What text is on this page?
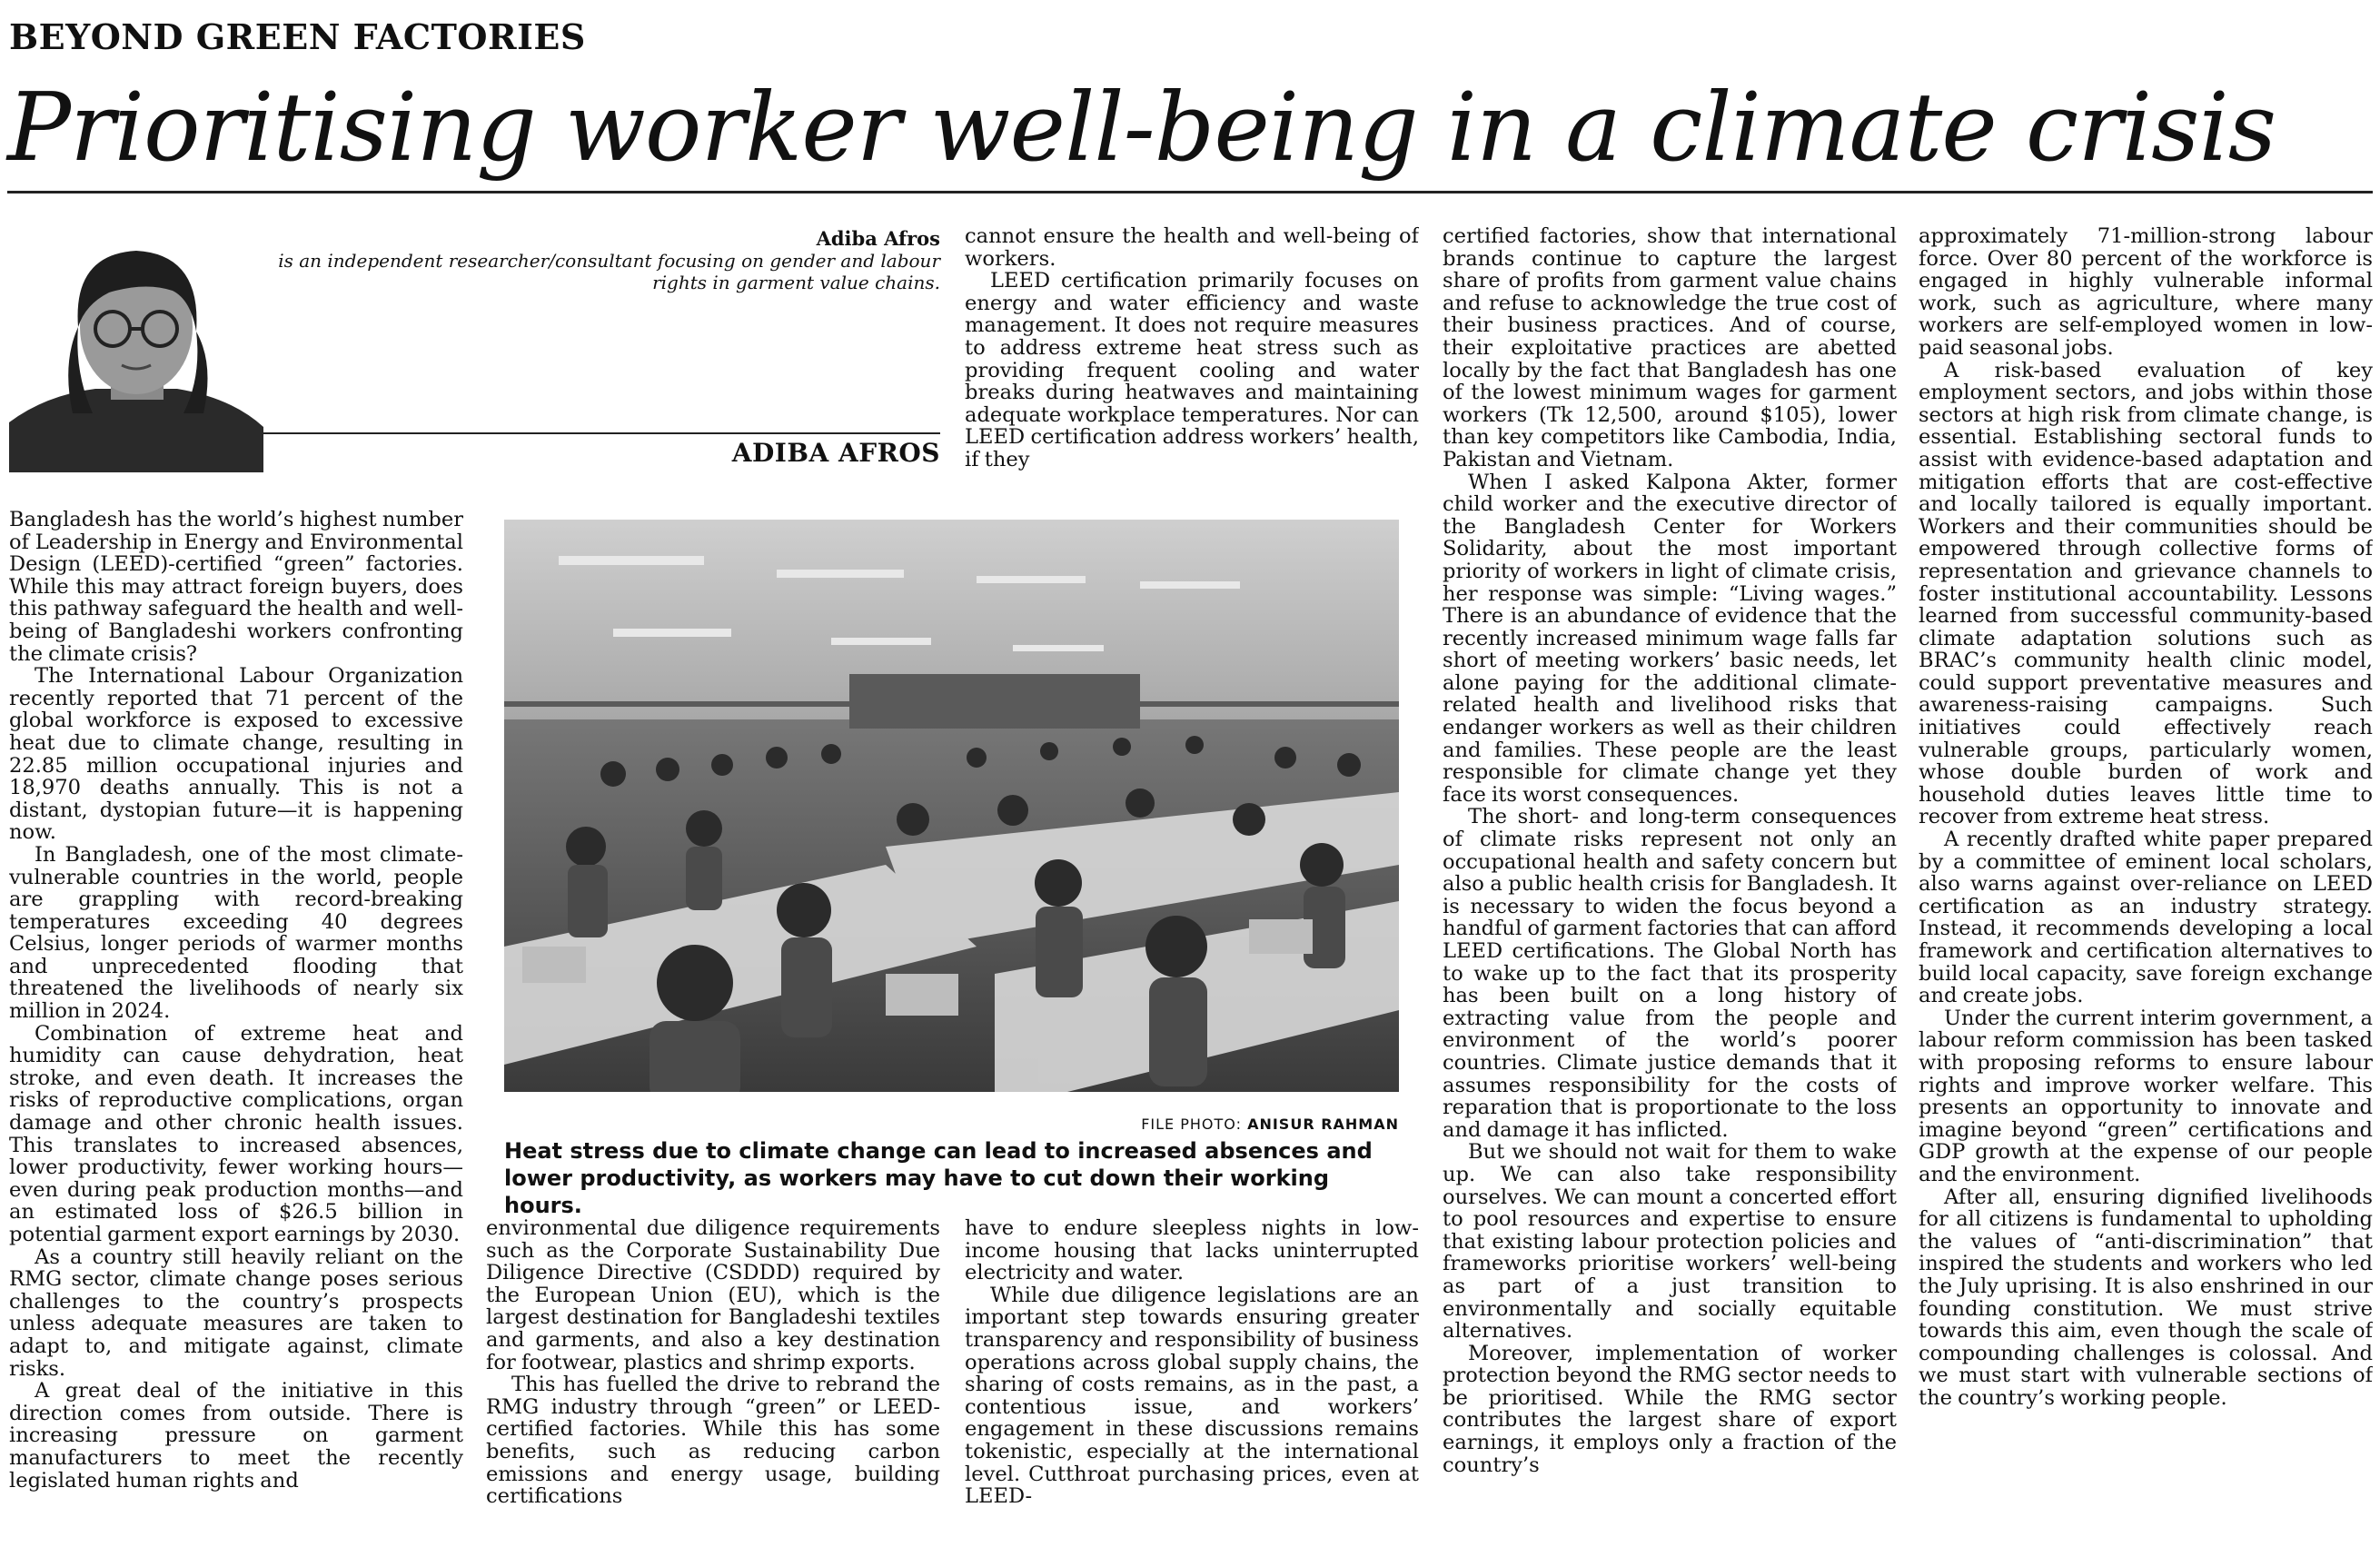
BEYOND GREEN FACTORIES
Prioritising worker well-being in a climate crisis
Adiba Afros
is an independent researcher/consultant focusing on gender and labour rights in garment value chains.
ADIBA AFROS

Bangladesh has the world’s highest number of Leadership in Energy and Environmental Design (LEED)-certified “green” factories. While this may attract foreign buyers, does this pathway safeguard the health and well-being of Bangladeshi workers confronting the climate crisis?

The International Labour Organization recently reported that 71 percent of the global workforce is exposed to excessive heat due to climate change, resulting in 22.85 million occupational injuries and 18,970 deaths annually. This is not a distant, dystopian future—it is happening now.

In Bangladesh, one of the most climate-vulnerable countries in the world, people are grappling with record-breaking temperatures exceeding 40 degrees Celsius, longer periods of warmer months and unprecedented flooding that threatened the livelihoods of nearly six million in 2024.

Combination of extreme heat and humidity can cause dehydration, heat stroke, and even death. It increases the risks of reproductive complications, organ damage and other chronic health issues. This translates to increased absences, lower productivity, fewer working hours—even during peak production months—and an estimated loss of $26.5 billion in potential garment export earnings by 2030.

As a country still heavily reliant on the RMG sector, climate change poses serious challenges to the country’s prospects unless adequate measures are taken to adapt to, and mitigate against, climate risks.

A great deal of the initiative in this direction comes from outside. There is increasing pressure on garment manufacturers to meet the recently legislated human rights and

environmental due diligence requirements such as the Corporate Sustainability Due Diligence Directive (CSDDD) required by the European Union (EU), which is the largest destination for Bangladeshi textiles and garments, and also a key destination for footwear, plastics and shrimp exports.

This has fuelled the drive to rebrand the RMG industry through “green” or LEED-certified factories. While this has some benefits, such as reducing carbon emissions and energy usage, building certifications

cannot ensure the health and well-being of workers.

LEED certification primarily focuses on energy and water efficiency and waste management. It does not require measures to address extreme heat stress such as providing frequent cooling and water breaks during heatwaves and maintaining adequate workplace temperatures. Nor can LEED certification address workers’ health, if they

have to endure sleepless nights in low-income housing that lacks uninterrupted electricity and water.

While due diligence legislations are an important step towards ensuring greater transparency and responsibility of business operations across global supply chains, the sharing of costs remains, as in the past, a contentious issue, and workers’ engagement in these discussions remains tokenistic, especially at the international level. Cutthroat purchasing prices, even at LEED-

certified factories, show that international brands continue to capture the largest share of profits from garment value chains and refuse to acknowledge the true cost of their business practices. And of course, their exploitative practices are abetted locally by the fact that Bangladesh has one of the lowest minimum wages for garment workers (Tk 12,500, around $105), lower than key competitors like Cambodia, India, Pakistan and Vietnam.

When I asked Kalpona Akter, former child worker and the executive director of the Bangladesh Center for Workers Solidarity, about the most important priority of workers in light of climate crisis, her response was simple: “Living wages.” There is an abundance of evidence that the recently increased minimum wage falls far short of meeting workers’ basic needs, let alone paying for the additional climate-related health and livelihood risks that endanger workers as well as their children and families. These people are the least responsible for climate change yet they face its worst consequences.

The short- and long-term consequences of climate risks represent not only an occupational health and safety concern but also a public health crisis for Bangladesh. It is necessary to widen the focus beyond a handful of garment factories that can afford LEED certifications. The Global North has to wake up to the fact that its prosperity has been built on a long history of extracting value from the people and environment of the world’s poorer countries. Climate justice demands that it assumes responsibility for the costs of reparation that is proportionate to the loss and damage it has inflicted.

But we should not wait for them to wake up. We can also take responsibility ourselves. We can mount a concerted effort to pool resources and expertise to ensure that existing labour protection policies and frameworks prioritise workers’ well-being as part of a just transition to environmentally and socially equitable alternatives.

Moreover, implementation of worker protection beyond the RMG sector needs to be prioritised. While the RMG sector contributes the largest share of export earnings, it employs only a fraction of the country’s

approximately 71-million-strong labour force. Over 80 percent of the workforce is engaged in highly vulnerable informal work, such as agriculture, where many workers are self-employed women in low-paid seasonal jobs.

A risk-based evaluation of key employment sectors, and jobs within those sectors at high risk from climate change, is essential. Establishing sectoral funds to assist with evidence-based adaptation and mitigation efforts that are cost-effective and locally tailored is equally important. Workers and their communities should be empowered through collective forms of representation and grievance channels to foster institutional accountability. Lessons learned from successful community-based climate adaptation solutions such as BRAC’s community health clinic model, could support preventative measures and awareness-raising campaigns. Such initiatives could effectively reach vulnerable groups, particularly women, whose double burden of work and household duties leaves little time to recover from extreme heat stress.

A recently drafted white paper prepared by a committee of eminent local scholars, also warns against over-reliance on LEED certification as an industry strategy. Instead, it recommends developing a local framework and certification alternatives to build local capacity, save foreign exchange and create jobs.

Under the current interim government, a labour reform commission has been tasked with proposing reforms to ensure labour rights and improve worker welfare. This presents an opportunity to innovate and imagine beyond “green” certifications and GDP growth at the expense of our people and the environment.

After all, ensuring dignified livelihoods for all citizens is fundamental to upholding the values of “anti-discrimination” that inspired the students and workers who led the July uprising. It is also enshrined in our founding constitution. We must strive towards this aim, even though the scale of compounding challenges is colossal. And we must start with vulnerable sections of the country’s working people.

FILE PHOTO: ANISUR RAHMAN
Heat stress due to climate change can lead to increased absences and lower productivity, as workers may have to cut down their working hours.
